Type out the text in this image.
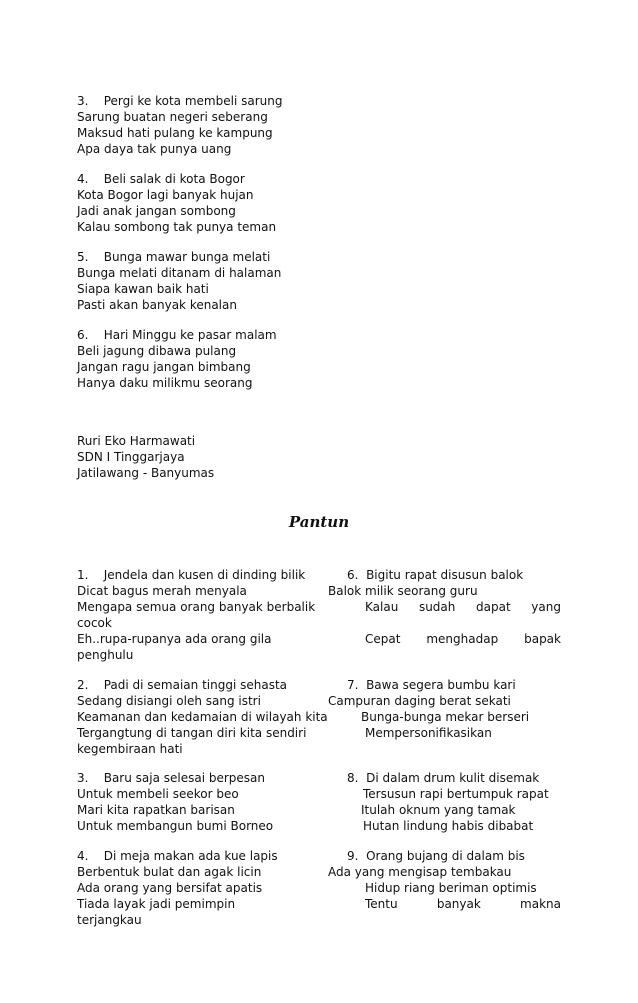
3.    Pergi ke kota membeli sarung
Sarung buatan negeri seberang
Maksud hati pulang ke kampung
Apa daya tak punya uang
4.    Beli salak di kota Bogor
Kota Bogor lagi banyak hujan
Jadi anak jangan sombong
Kalau sombong tak punya teman
5.    Bunga mawar bunga melati
Bunga melati ditanam di halaman
Siapa kawan baik hati
Pasti akan banyak kenalan
6.    Hari Minggu ke pasar malam
Beli jagung dibawa pulang
Jangan ragu jangan bimbang
Hanya daku milikmu seorang
Ruri Eko Harmawati
SDN I Tinggarjaya
Jatilawang - Banyumas
Pantun
1.    Jendela dan kusen di dinding bilik
Dicat bagus merah menyala
Mengapa semua orang banyak berbalik
Eh..rupa-rupanya ada orang gila
6.  Bigitu rapat disusun balok
Balok milik seorang guru
Kalau sudah dapat yang
cocok
Cepat menghadap bapak
penghulu
2.    Padi di semaian tinggi sehasta
Sedang disiangi oleh sang istri
Keamanan dan kedamaian di wilayah kita
Tergangtung di tangan diri kita sendiri
kegembiraan hati
7.  Bawa segera bumbu kari
Campuran daging berat sekati
Bunga-bunga mekar berseri
Mempersonifikasikan
3.    Baru saja selesai berpesan
Untuk membeli seekor beo
Mari kita rapatkan barisan
Untuk membangun bumi Borneo
8.  Di dalam drum kulit disemak
Tersusun rapi bertumpuk rapat
Itulah oknum yang tamak
Hutan lindung habis dibabat
4.    Di meja makan ada kue lapis
Berbentuk bulat dan agak licin
Ada orang yang bersifat apatis
Tiada layak jadi pemimpin
terjangkau
9.  Orang bujang di dalam bis
Ada yang mengisap tembakau
Hidup riang beriman optimis
Tentu	banyak	makna
